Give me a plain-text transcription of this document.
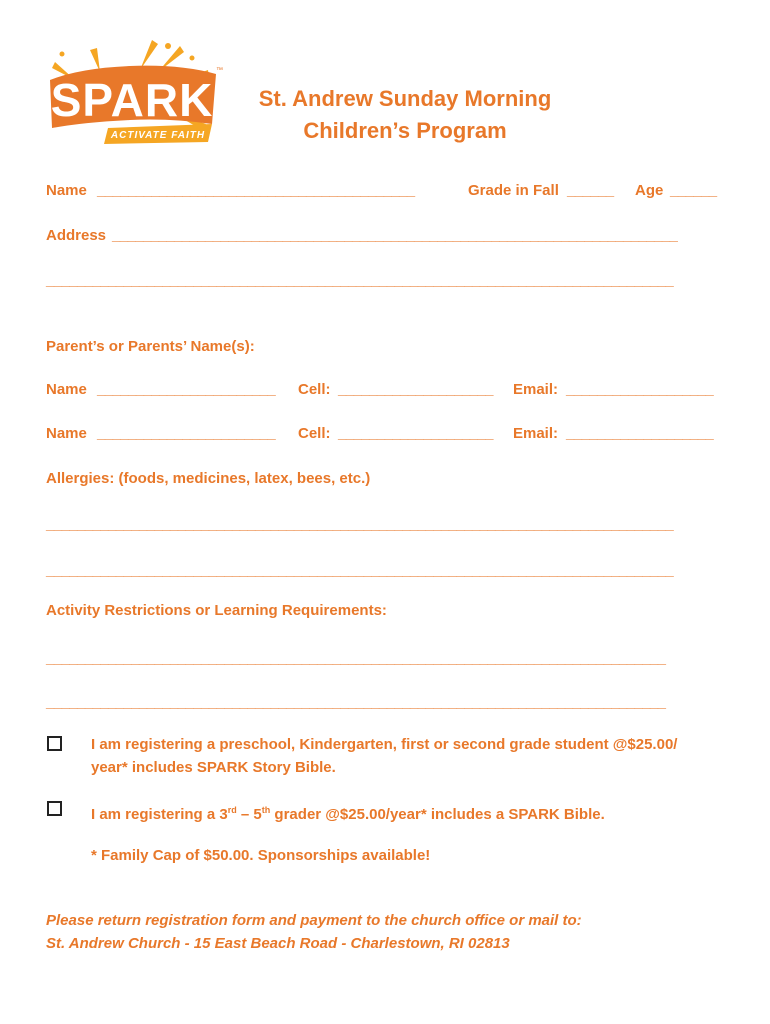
SPARK
ACTIVATE FAITH
™
St. Andrew Sunday Morning
Children’s Program
Name _________________________________________	Grade in Fall ______ Age ______
Address _________________________________________________________________________
_________________________________________________________________________________
Parent’s or Parents’ Name(s):
Name _______________________ Cell: ____________________ Email: ___________________
Name _______________________ Cell: ____________________ Email: ___________________
Allergies: (foods, medicines, latex, bees, etc.)
_________________________________________________________________________________
_________________________________________________________________________________
Activity Restrictions or Learning Requirements:
________________________________________________________________________________
________________________________________________________________________________
I am registering a preschool, Kindergarten, first or second grade student @$25.00/
year* includes SPARK Story Bible.
I am registering a 3rd – 5th grader @$25.00/year* includes a SPARK Bible.
* Family Cap of $50.00. Sponsorships available!
Please return registration form and payment to the church office or mail to:
St. Andrew Church - 15 East Beach Road - Charlestown, RI 02813
